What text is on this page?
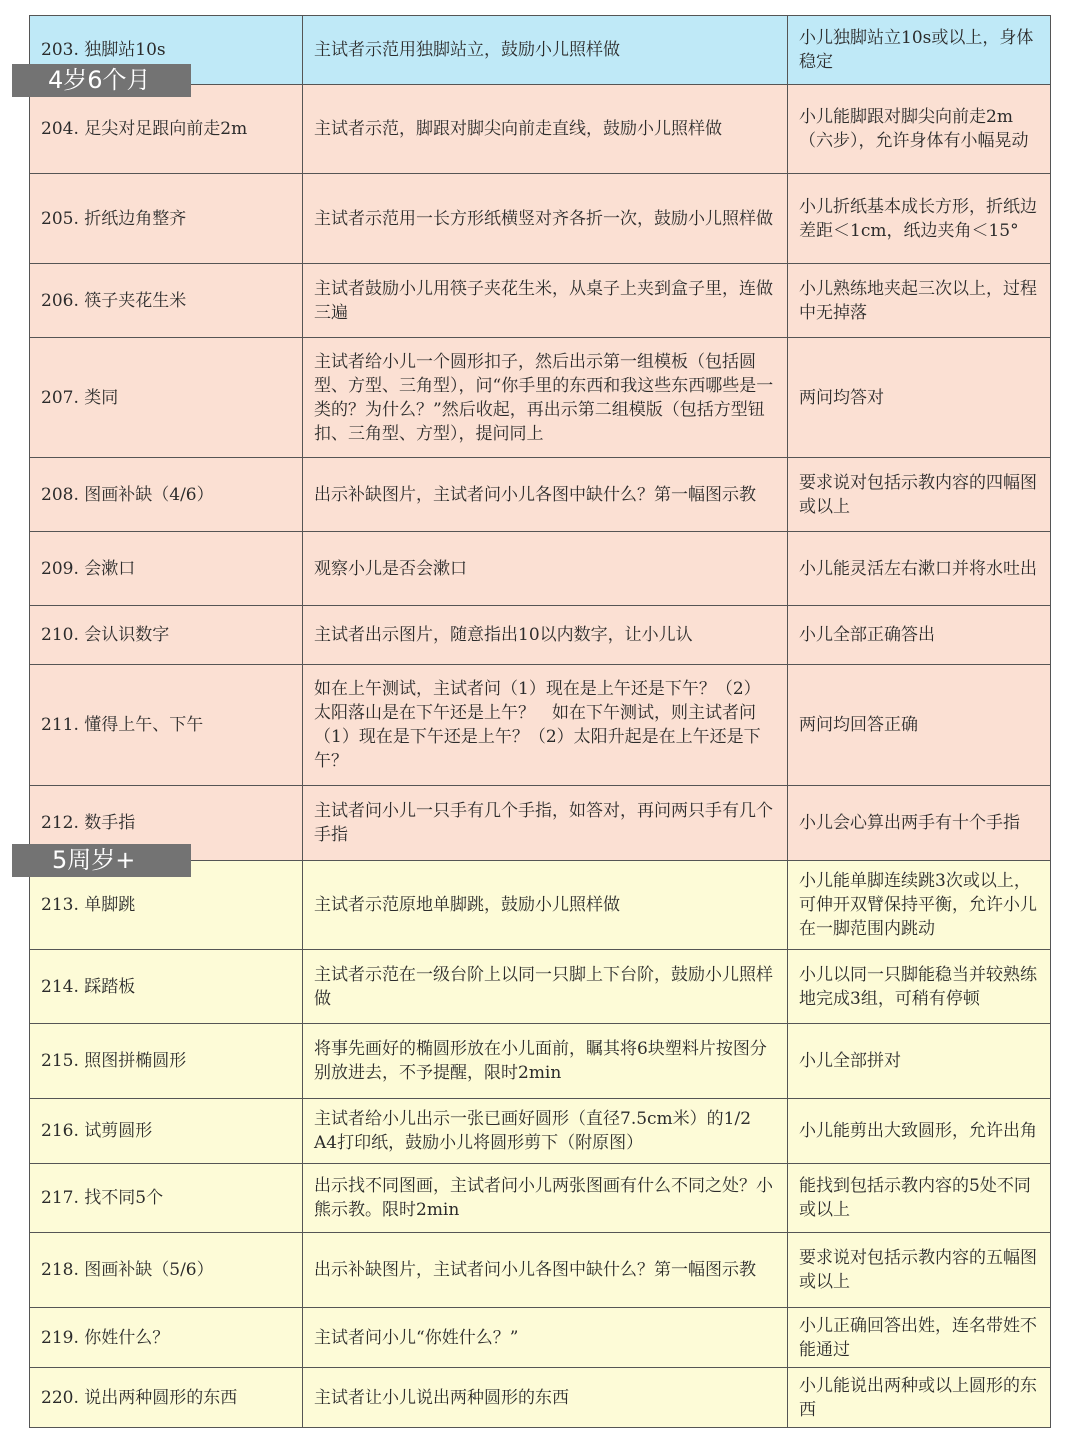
203. 独脚站10s	主试者示范用独脚站立，鼓励小儿照样做	小儿独脚站立10s或以上，身体稳定
204. 足尖对足跟向前走2m	主试者示范，脚跟对脚尖向前走直线，鼓励小儿照样做	小儿能脚跟对脚尖向前走2m（六步），允许身体有小幅晃动
205. 折纸边角整齐	主试者示范用一长方形纸横竖对齐各折一次，鼓励小儿照样做	小儿折纸基本成长方形，折纸边差距＜1cm，纸边夹角＜15°
206. 筷子夹花生米	主试者鼓励小儿用筷子夹花生米，从桌子上夹到盒子里，连做三遍	小儿熟练地夹起三次以上，过程中无掉落
207. 类同	主试者给小儿一个圆形扣子，然后出示第一组模板（包括圆型、方型、三角型），问“你手里的东西和我这些东西哪些是一类的？为什么？”然后收起，再出示第二组模版（包括方型钮扣、三角型、方型），提问同上	两问均答对
208. 图画补缺（4/6）	出示补缺图片，主试者问小儿各图中缺什么？第一幅图示教	要求说对包括示教内容的四幅图或以上
209. 会漱口	观察小儿是否会漱口	小儿能灵活左右漱口并将水吐出
210. 会认识数字	主试者出示图片，随意指出10以内数字，让小儿认	小儿全部正确答出
211. 懂得上午、下午	如在上午测试，主试者问（1）现在是上午还是下午？（2）太阳落山是在下午还是上午？　如在下午测试，则主试者问（1）现在是下午还是上午？（2）太阳升起是在上午还是下午？	两问均回答正确
212. 数手指	主试者问小儿一只手有几个手指，如答对，再问两只手有几个手指	小儿会心算出两手有十个手指
213. 单脚跳	主试者示范原地单脚跳，鼓励小儿照样做	小儿能单脚连续跳3次或以上，可伸开双臂保持平衡，允许小儿在一脚范围内跳动
214. 踩踏板	主试者示范在一级台阶上以同一只脚上下台阶，鼓励小儿照样做	小儿以同一只脚能稳当并较熟练地完成3组，可稍有停顿
215. 照图拼椭圆形	将事先画好的椭圆形放在小儿面前，瞩其将6块塑料片按图分别放进去，不予提醒，限时2min	小儿全部拼对
216. 试剪圆形	主试者给小儿出示一张已画好圆形（直径7.5cm米）的1/2 A4打印纸，鼓励小儿将圆形剪下（附原图）	小儿能剪出大致圆形，允许出角
217. 找不同5个	出示找不同图画，主试者问小儿两张图画有什么不同之处？小熊示教。限时2min	能找到包括示教内容的5处不同或以上
218. 图画补缺（5/6）	出示补缺图片，主试者问小儿各图中缺什么？第一幅图示教	要求说对包括示教内容的五幅图或以上
219. 你姓什么？	主试者问小儿“你姓什么？”	小儿正确回答出姓，连名带姓不能通过
220. 说出两种圆形的东西	主试者让小儿说出两种圆形的东西	小儿能说出两种或以上圆形的东西
4岁6个月
5周岁+
